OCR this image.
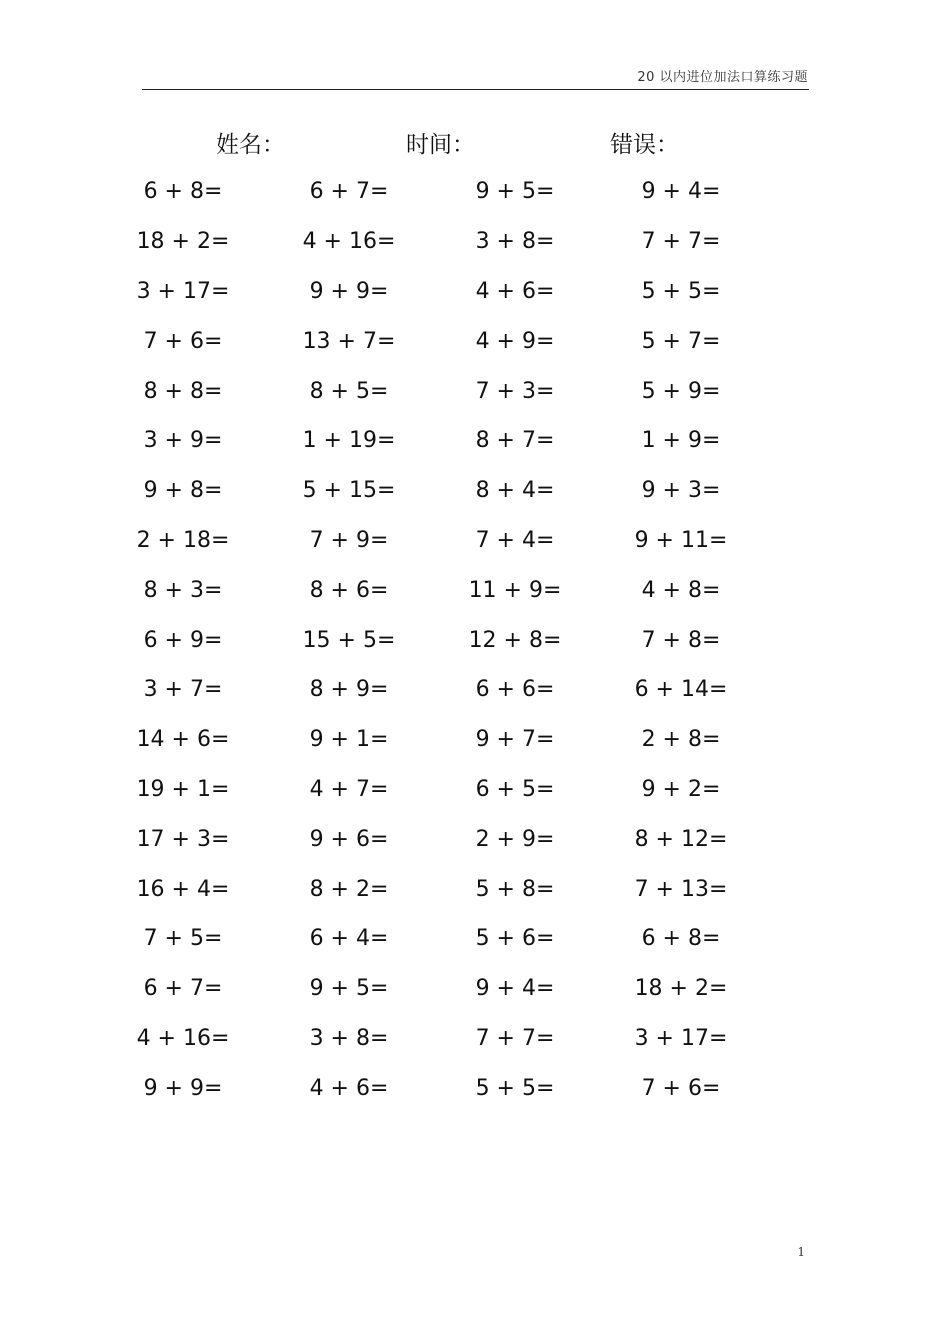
20 以内进位加法口算练习题
姓名：	时间：	错误：
6 + 8=	6 + 7=	9 + 5=	9 + 4=
18 + 2=	4 + 16=	3 + 8=	7 + 7=
3 + 17=	9 + 9=	4 + 6=	5 + 5=
7 + 6=	13 + 7=	4 + 9=	5 + 7=
8 + 8=	8 + 5=	7 + 3=	5 + 9=
3 + 9=	1 + 19=	8 + 7=	1 + 9=
9 + 8=	5 + 15=	8 + 4=	9 + 3=
2 + 18=	7 + 9=	7 + 4=	9 + 11=
8 + 3=	8 + 6=	11 + 9=	4 + 8=
6 + 9=	15 + 5=	12 + 8=	7 + 8=
3 + 7=	8 + 9=	6 + 6=	6 + 14=
14 + 6=	9 + 1=	9 + 7=	2 + 8=
19 + 1=	4 + 7=	6 + 5=	9 + 2=
17 + 3=	9 + 6=	2 + 9=	8 + 12=
16 + 4=	8 + 2=	5 + 8=	7 + 13=
7 + 5=	6 + 4=	5 + 6=	6 + 8=
6 + 7=	9 + 5=	9 + 4=	18 + 2=
4 + 16=	3 + 8=	7 + 7=	3 + 17=
9 + 9=	4 + 6=	5 + 5=	7 + 6=
1
